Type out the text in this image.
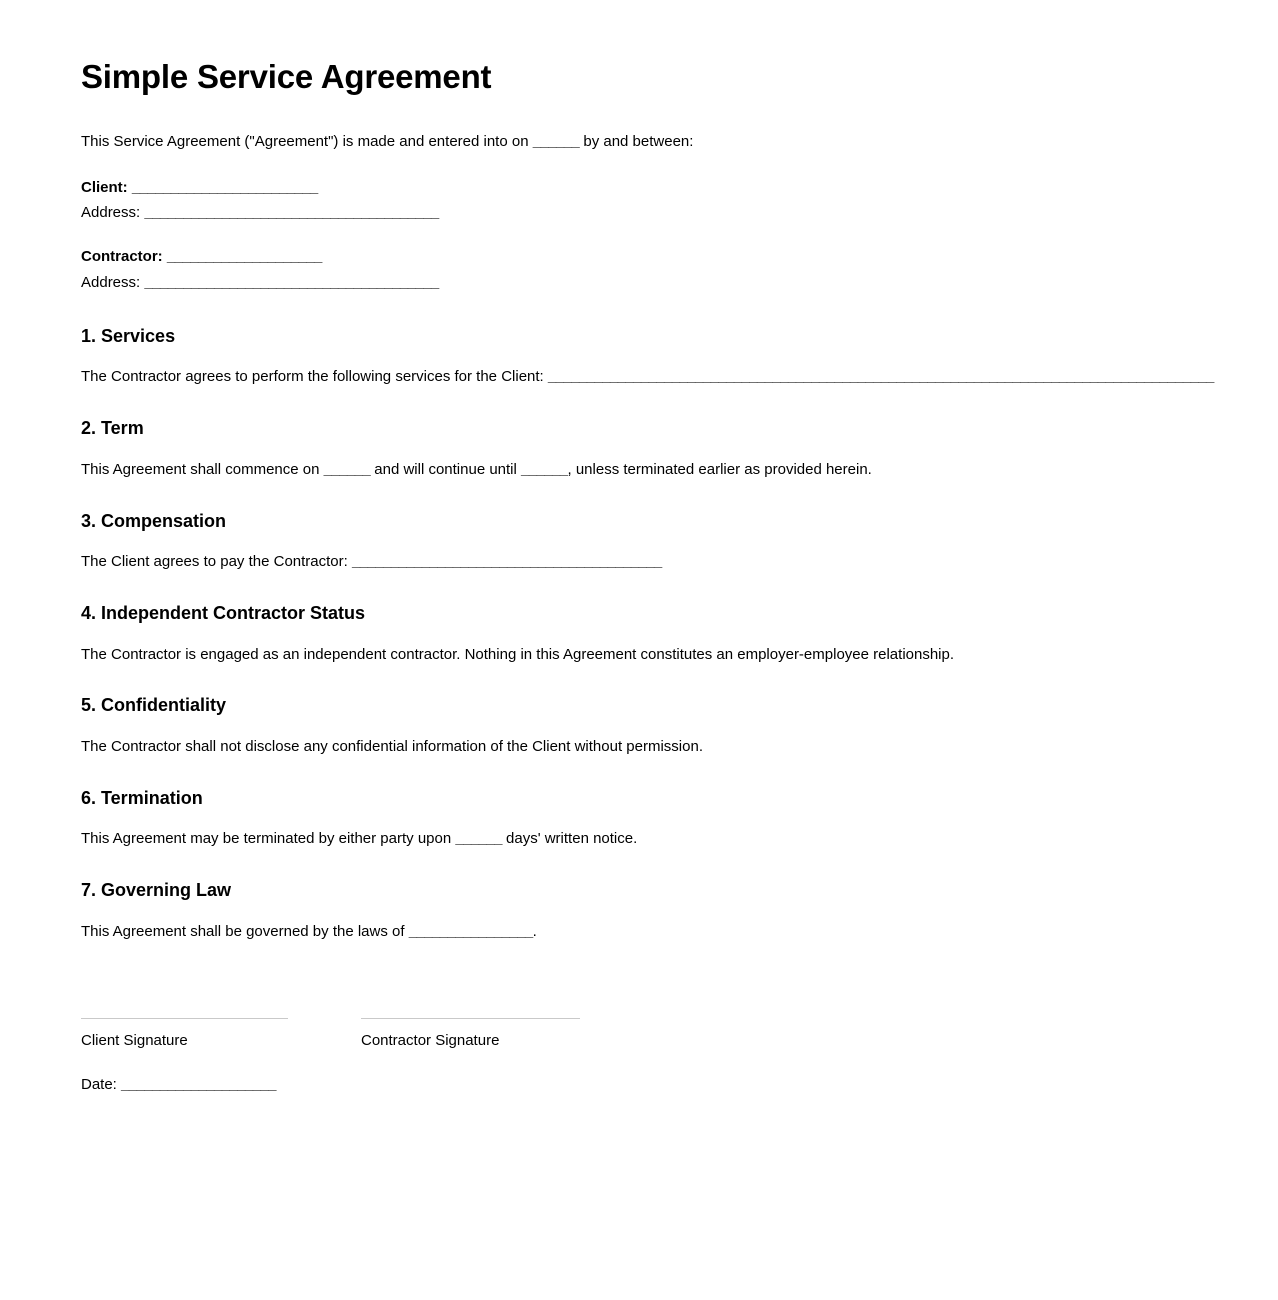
Simple Service Agreement

This Service Agreement ("Agreement") is made and entered into on ______ by and between:

Client: ________________________
Address: ______________________________________
Contractor: ____________________
Address: ______________________________________
1. Services

The Contractor agrees to perform the following services for the Client: ______________________________________________________________________________________

2. Term

This Agreement shall commence on ______ and will continue until ______, unless terminated earlier as provided herein.

3. Compensation

The Client agrees to pay the Contractor: ________________________________________

4. Independent Contractor Status

The Contractor is engaged as an independent contractor. Nothing in this Agreement constitutes an employer-employee relationship.

5. Confidentiality

The Contractor shall not disclose any confidential information of the Client without permission.

6. Termination

This Agreement may be terminated by either party upon ______ days' written notice.

7. Governing Law

This Agreement shall be governed by the laws of ________________.

Client Signature	Contractor Signature
Date: ____________________
